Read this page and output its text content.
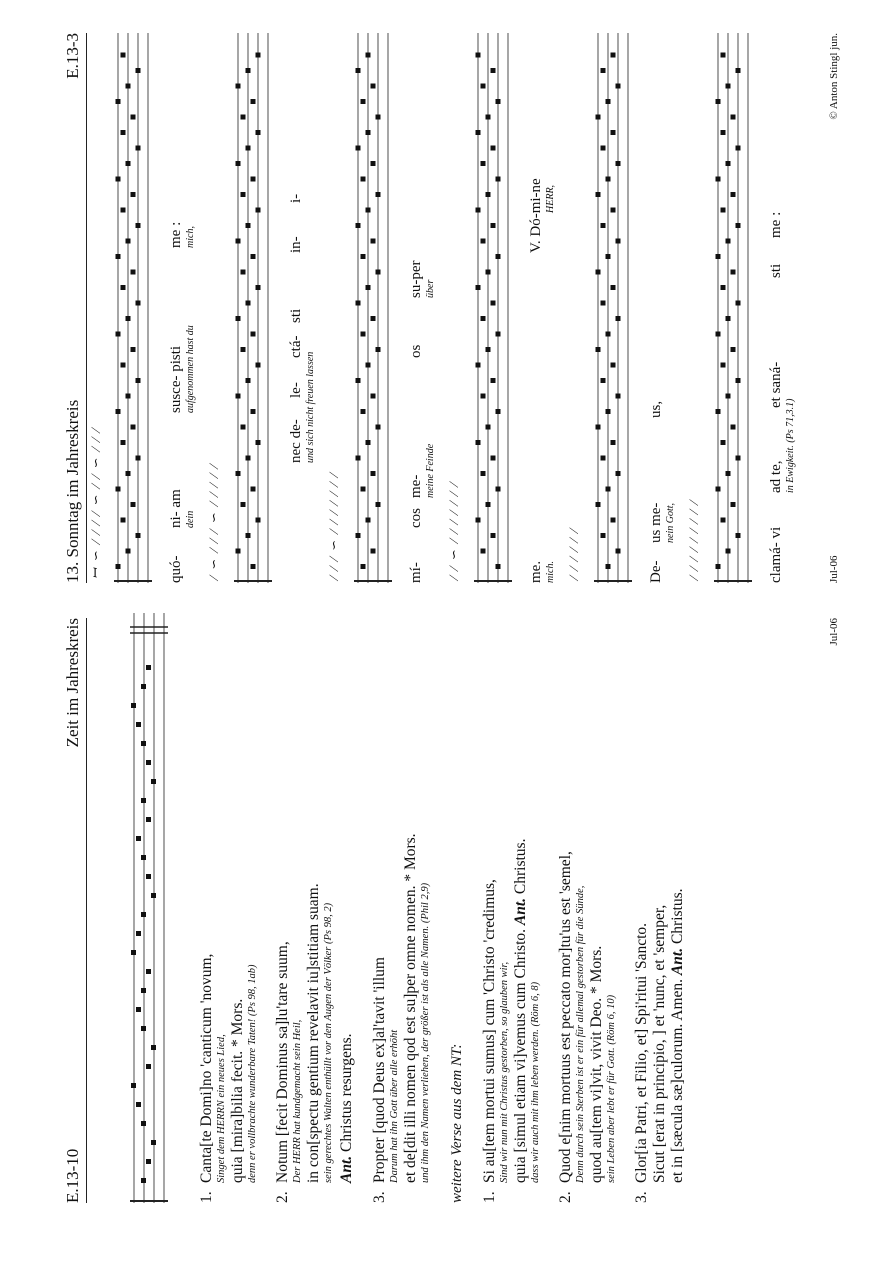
E.13-10
Zeit im Jahreskreis
1.
Canta[te Domi]no 'canticum 'novum, Singet dem HERRN ein neues Lied, quia [mira]bilia fecit. * Mors. denn er vollbrachte wunderbare Taten! (Ps 98, 1ab)
2.
Notum [fecit Dominus sa]lu'tare suum, Der HERR hat kundgemacht sein Heil, in con[spectu gentium revelavit iu]stitiam suam. sein gerechtes Walten enthüllt vor den Augen der Völker (Ps 98, 2) Ant. Christus resurgens.
3.
Propter [quod Deus ex]al'tavit 'illum Darum hat ihn Gott über alle erhöht et de[dit illi nomen qod est su]per omne nomen. * Mors. und ihm den Namen verliehen, der größer ist als alle Namen. (Phil 2,9) weitere Verse aus dem NT: 1.
Si au[tem mortui sumus] cum 'Christo 'credimus, Sind wir nun mit Christus gestorben, so glauben wir, quia [simul etiam vi]vemus cum Christo. Ant. Christus.
dass wir auch mit ihm leben werden. (Röm 6, 8)
2.
Quod e[nim mortuus est peccato mor]tu'us est 'semel, Denn durch sein Sterben ist er ein für allemal gestorben für die Sünde, quod au[tem vi]vit, vivit Deo. * Mors. sein Leben aber lebt er für Gott. (Röm 6, 10)
3.
Glor[ia Patri, et Filio, et] Spi'ritui 'Sancto. Sicut [erat in principio, ] et 'nunc, et 'semper, et in [sæcula sæ]culorum. Amen. Ant. Christus.
Jul-06
13. Sonntag im Jahreskreis
E.13-3
ꟷ ∽ ∕ ∕ ∕ ∕ ∽ ∕ ∕ ∽ ∕ ∕ ∕	quó-
ni- am
susce- pisti
me :
dein
aufgenommen hast du
mich,
∕ ∽ ∕ ∕ ∕ ∽ ∕ ∕ ∕ ∕ ∕
nec de-
le-
ctá-
sti
in-
i-
und sich nicht freuen lassen
∕ ∕ ∕ ∽ ∕ ∕ ∕ ∕ ∕ ∕ ∕	mí-
cos
me-
os
su-per
meine Feinde
über
∕ ∕ ∽ ∕ ∕ ∕ ∕ ∕ ∕ ∕	me.
V. Dó-mi-ne
mich.
HERR,
∕ ∕ ∕ ∕ ∕ ∕	De-
us me-
us,
nein Gott, ∕ ∕ ∕ ∕ ∕ ∕ ∕ ∕ ∕	clamá- vi
ad te,
et saná-
sti
me :
in Ewigkeit. (Ps 71,3.1)
Jul-06
© Anton Stingl jun.
